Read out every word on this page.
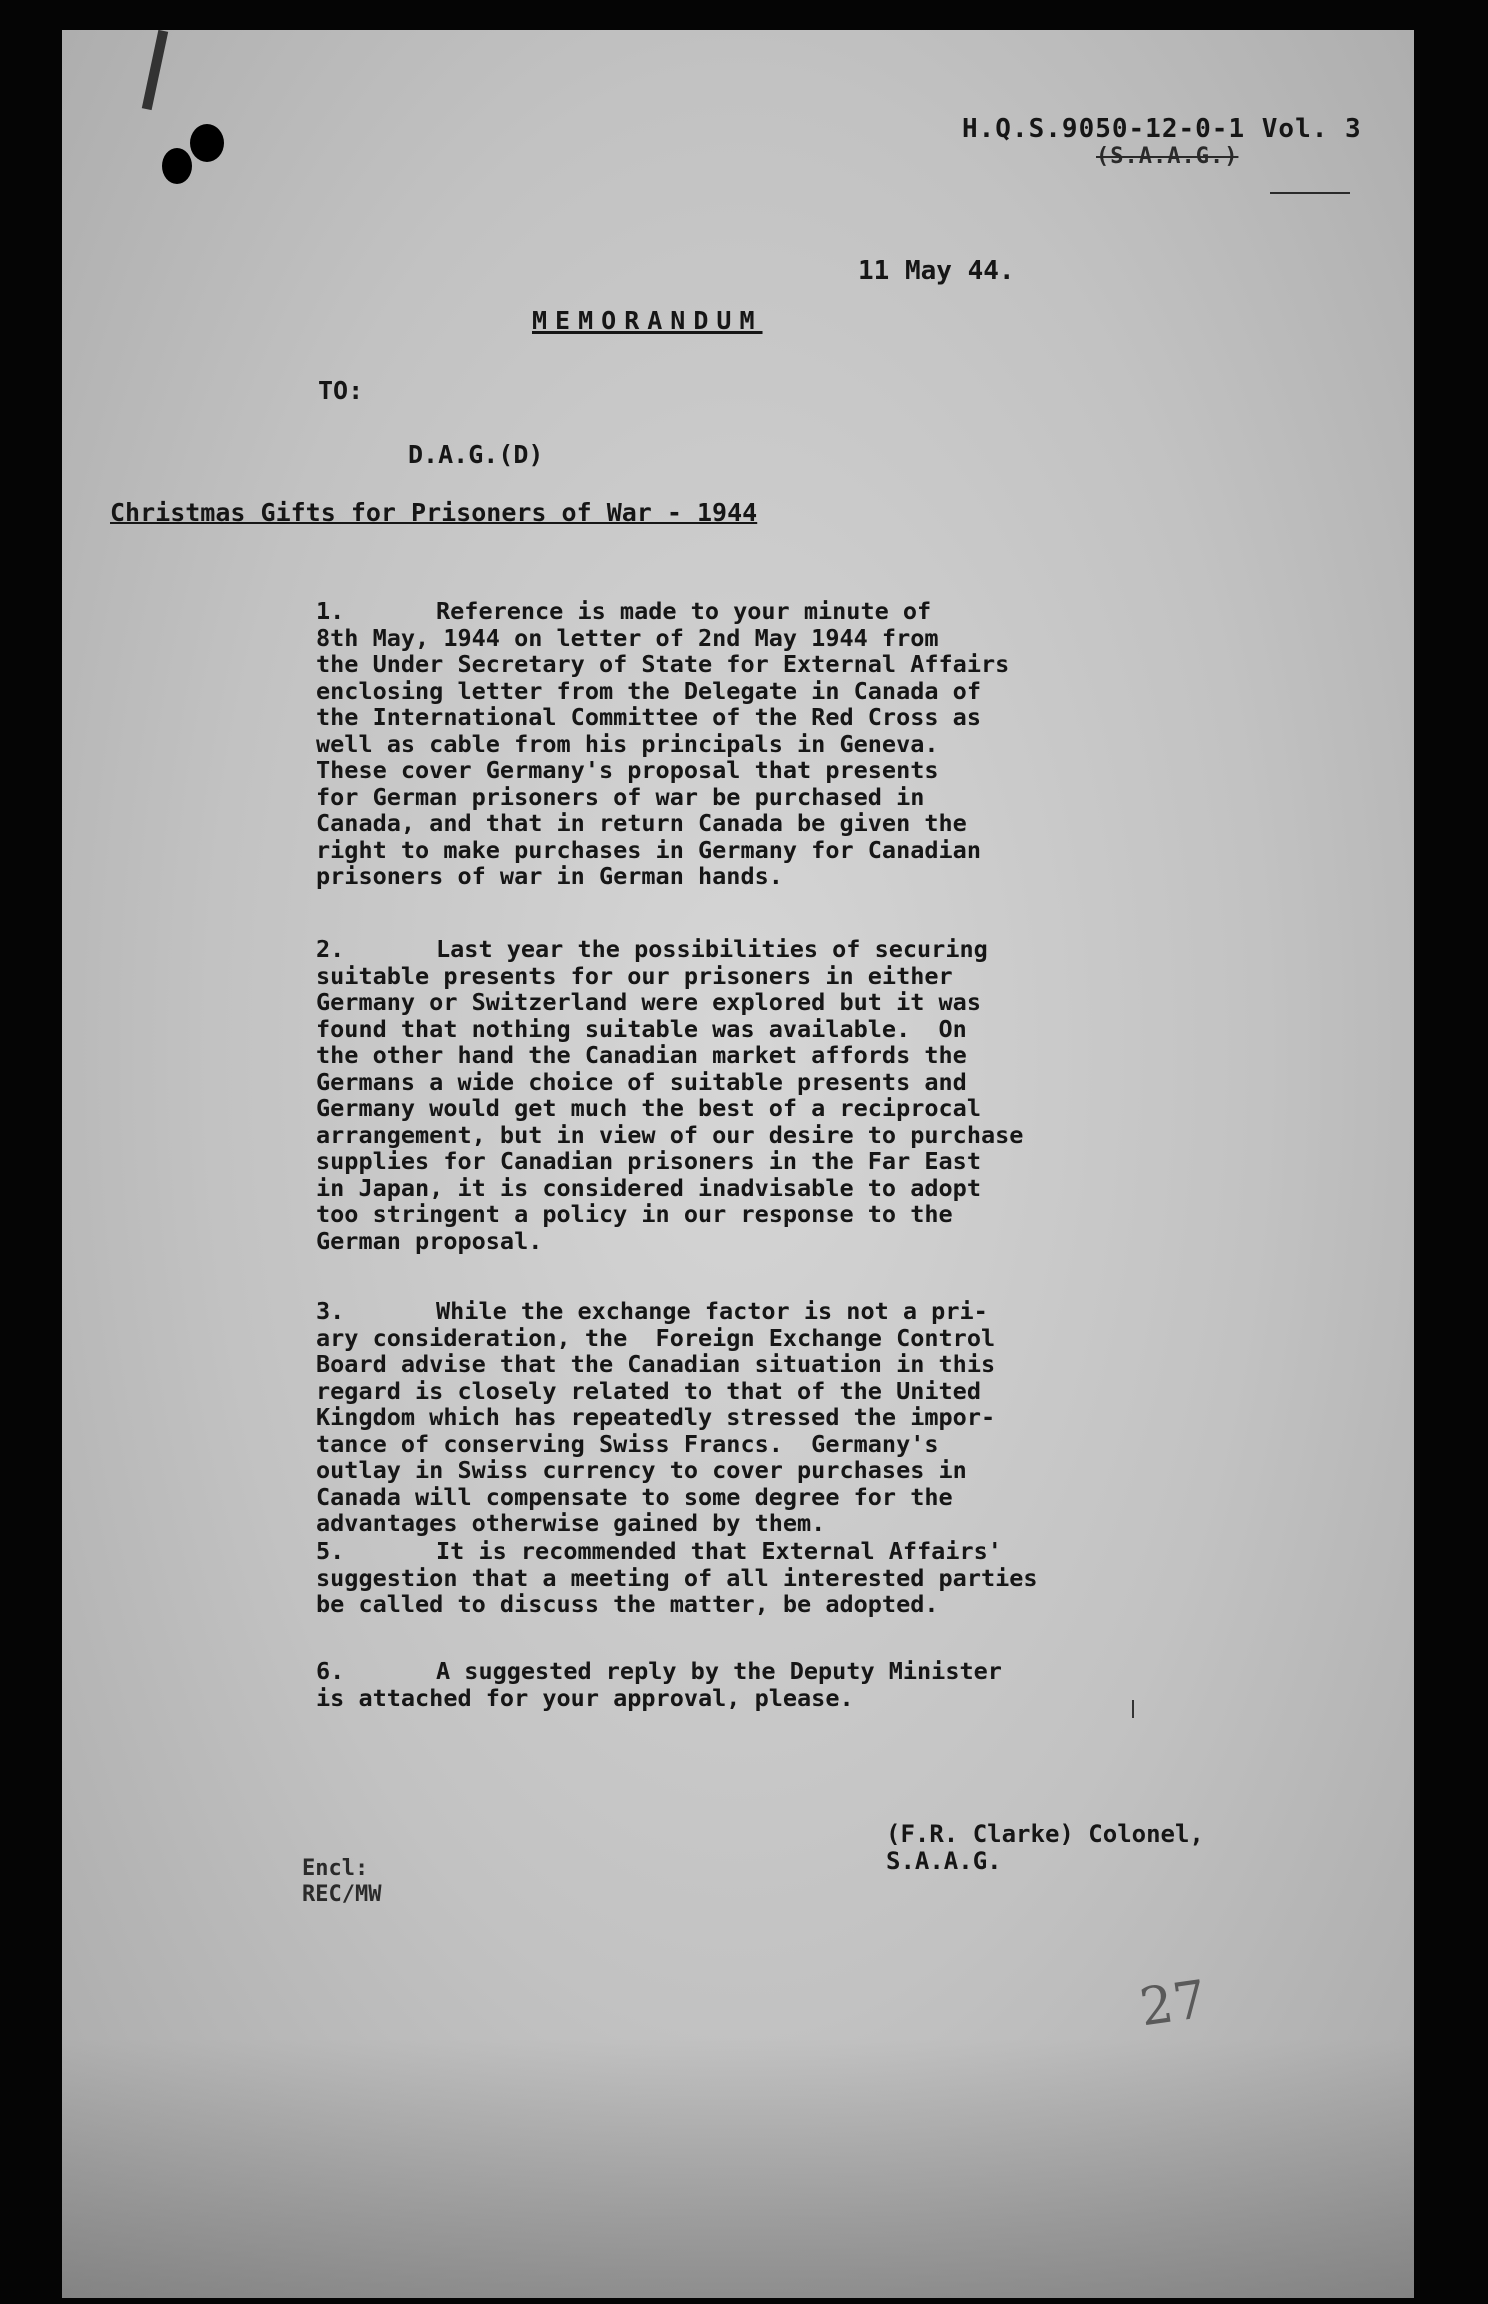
H.Q.S.9050-12-0-1 Vol. 3
(S.A.A.G.)
11 May 44.
MEMORANDUM
TO:
D.A.G.(D)
Christmas Gifts for Prisoners of War - 1944
1.	Reference is made to your minute of
8th May, 1944 on letter of 2nd May 1944 from
the Under Secretary of State for External Affairs
enclosing letter from the Delegate in Canada of
the International Committee of the Red Cross as
well as cable from his principals in Geneva.
These cover Germany's proposal that presents
for German prisoners of war be purchased in
Canada, and that in return Canada be given the
right to make purchases in Germany for Canadian
prisoners of war in German hands.
2.	Last year the possibilities of securing
suitable presents for our prisoners in either
Germany or Switzerland were explored but it was
found that nothing suitable was available.  On
the other hand the Canadian market affords the
Germans a wide choice of suitable presents and
Germany would get much the best of a reciprocal
arrangement, but in view of our desire to purchase
supplies for Canadian prisoners in the Far East
in Japan, it is considered inadvisable to adopt
too stringent a policy in our response to the
German proposal.
3.	While the exchange factor is not a pri-
ary consideration, the  Foreign Exchange Control
Board advise that the Canadian situation in this
regard is closely related to that of the United
Kingdom which has repeatedly stressed the impor-
tance of conserving Swiss Francs.  Germany's
outlay in Swiss currency to cover purchases in
Canada will compensate to some degree for the
advantages otherwise gained by them.
5.	It is recommended that External Affairs'
suggestion that a meeting of all interested parties
be called to discuss the matter, be adopted.
6.	A suggested reply by the Deputy Minister
is attached for your approval, please.
(F.R. Clarke) Colonel,
S.A.A.G.
Encl:
REC/MW
27
